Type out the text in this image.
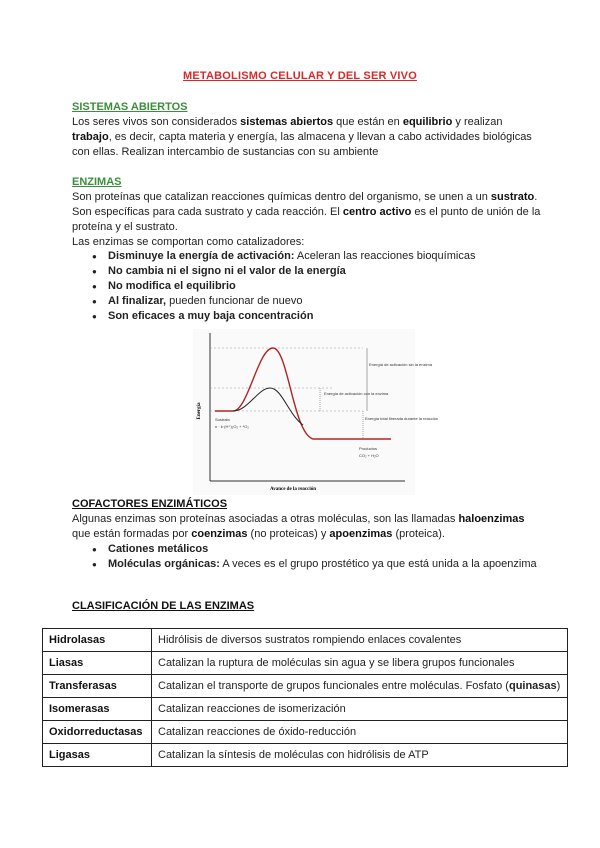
METABOLISMO CELULAR Y DEL SER VIVO
SISTEMAS ABIERTOS
Los seres vivos son considerados sistemas abiertos que están en equilibrio y realizan trabajo, es decir, capta materia y energía, las almacena y llevan a cabo actividades biológicas con ellas. Realizan intercambio de sustancias con su ambiente
ENZIMAS
Son proteínas que catalizan reacciones químicas dentro del organismo, se unen a un sustrato. Son específicas para cada sustrato y cada reacción. El centro activo es el punto de unión de la proteína y el sustrato.
Las enzimas se comportan como catalizadores:
● Disminuye la energía de activación: Aceleran las reacciones bioquímicas
● No cambia ni el signo ni el valor de la energía
● No modifica el equilibrio
● Al finalizar, pueden funcionar de nuevo
● Son eficaces a muy baja concentración
Energía
Avance de la reacción
Energía de activación sin la enzima
Energía de activación con la enzima
Energía total liberada durante la reacción
Sustrato
n · k·(H⁺)₂O₂ + ⁴O₂
Productos
CO₂ + H₂O
COFACTORES ENZIMÁTICOS
Algunas enzimas son proteínas asociadas a otras moléculas, son las llamadas haloenzimas que están formadas por coenzimas (no proteicas) y apoenzimas (proteica).
● Cationes metálicos
● Moléculas orgánicas: A veces es el grupo prostético ya que está unida a la apoenzima
CLASIFICACIÓN DE LAS ENZIMAS
Hidrolasas	Hidrólisis de diversos sustratos rompiendo enlaces covalentes
Liasas	Catalizan la ruptura de moléculas sin agua y se libera grupos funcionales
Transferasas	Catalizan el transporte de grupos funcionales entre moléculas. Fosfato (quinasas)
Isomerasas	Catalizan reacciones de isomerización
Oxidorreductasas	Catalizan reacciones de óxido-reducción
Ligasas	Catalizan la síntesis de moléculas con hidrólisis de ATP
